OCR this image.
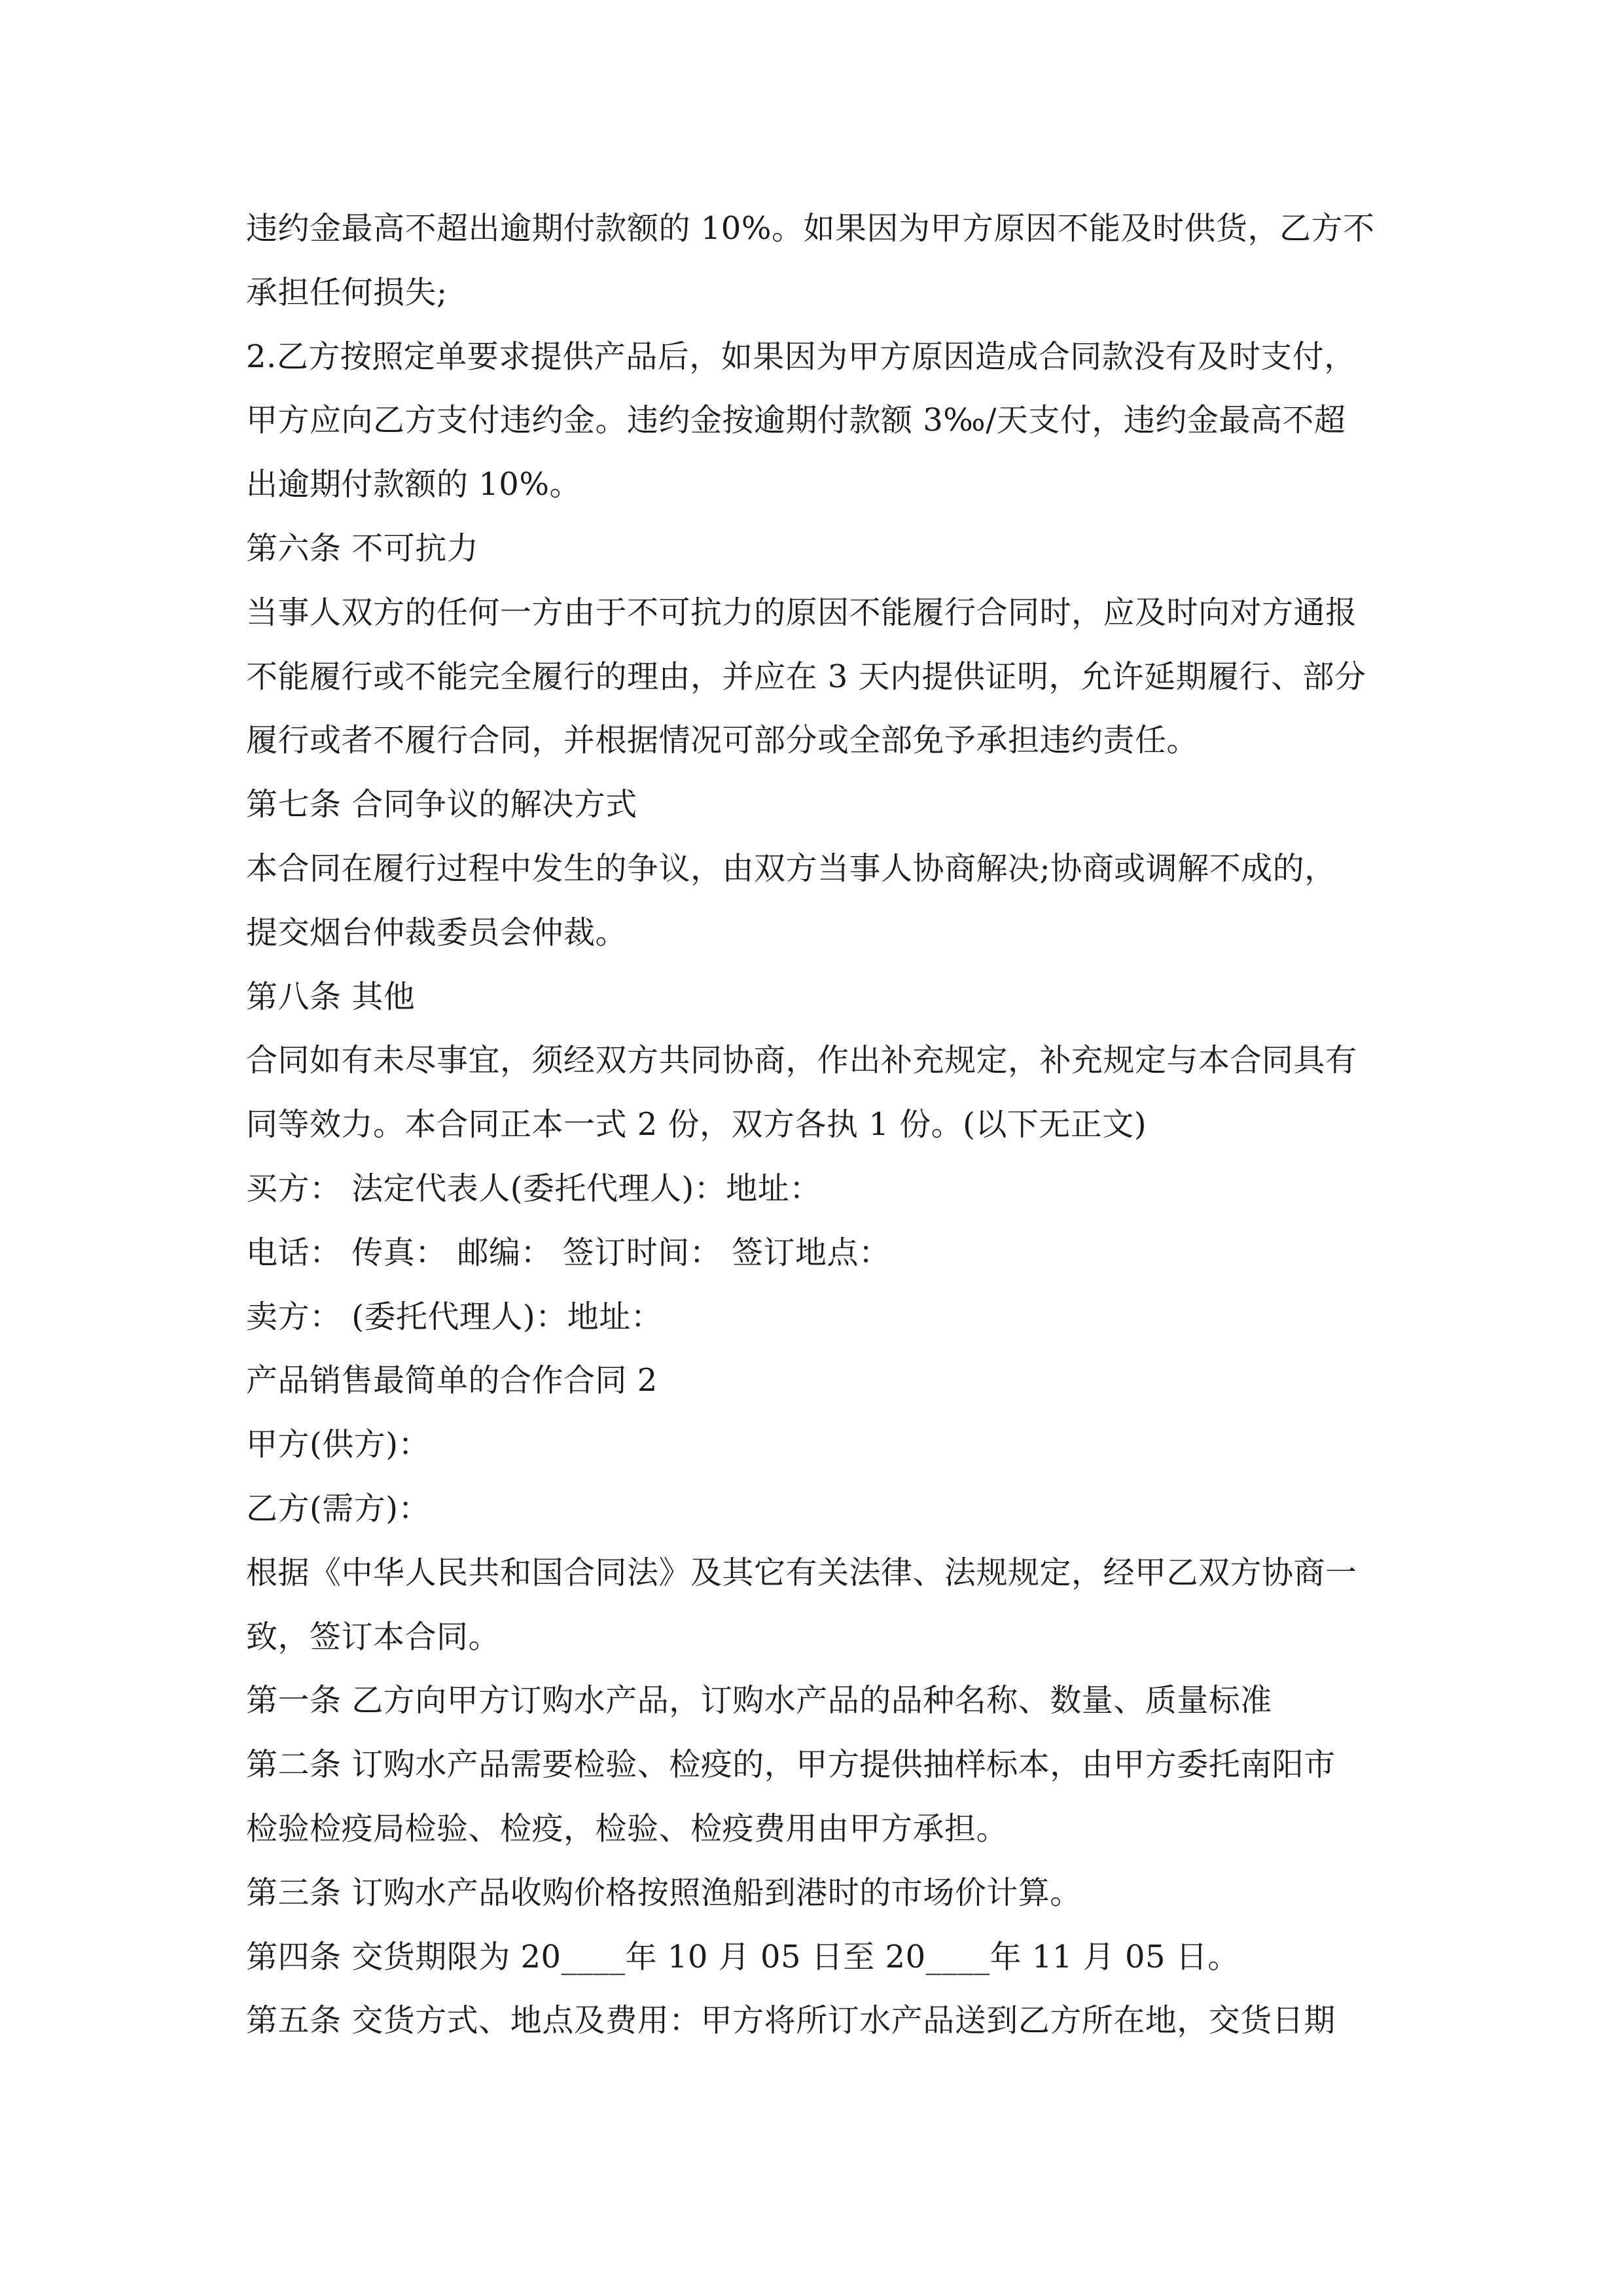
违约金最高不超出逾期付款额的 10%。如果因为甲方原因不能及时供货，乙方不
承担任何损失;
2.乙方按照定单要求提供产品后，如果因为甲方原因造成合同款没有及时支付，
甲方应向乙方支付违约金。违约金按逾期付款额 3‰/天支付，违约金最高不超
出逾期付款额的 10%。
第六条 不可抗力
当事人双方的任何一方由于不可抗力的原因不能履行合同时，应及时向对方通报
不能履行或不能完全履行的理由，并应在 3 天内提供证明，允许延期履行、部分
履行或者不履行合同，并根据情况可部分或全部免予承担违约责任。
第七条 合同争议的解决方式
本合同在履行过程中发生的争议，由双方当事人协商解决;协商或调解不成的，
提交烟台仲裁委员会仲裁。
第八条 其他
合同如有未尽事宜，须经双方共同协商，作出补充规定，补充规定与本合同具有
同等效力。本合同正本一式 2 份，双方各执 1 份。(以下无正文)
买方： 法定代表人(委托代理人)：地址：
电话： 传真： 邮编： 签订时间： 签订地点：
卖方： (委托代理人)：地址：
产品销售最简单的合作合同 2
甲方(供方)：
乙方(需方)：
根据《中华人民共和国合同法》及其它有关法律、法规规定，经甲乙双方协商一
致，签订本合同。
第一条 乙方向甲方订购水产品，订购水产品的品种名称、数量、质量标准
第二条 订购水产品需要检验、检疫的，甲方提供抽样标本，由甲方委托南阳市
检验检疫局检验、检疫，检验、检疫费用由甲方承担。
第三条 订购水产品收购价格按照渔船到港时的市场价计算。
第四条 交货期限为 20____年 10 月 05 日至 20____年 11 月 05 日。
第五条 交货方式、地点及费用：甲方将所订水产品送到乙方所在地，交货日期
